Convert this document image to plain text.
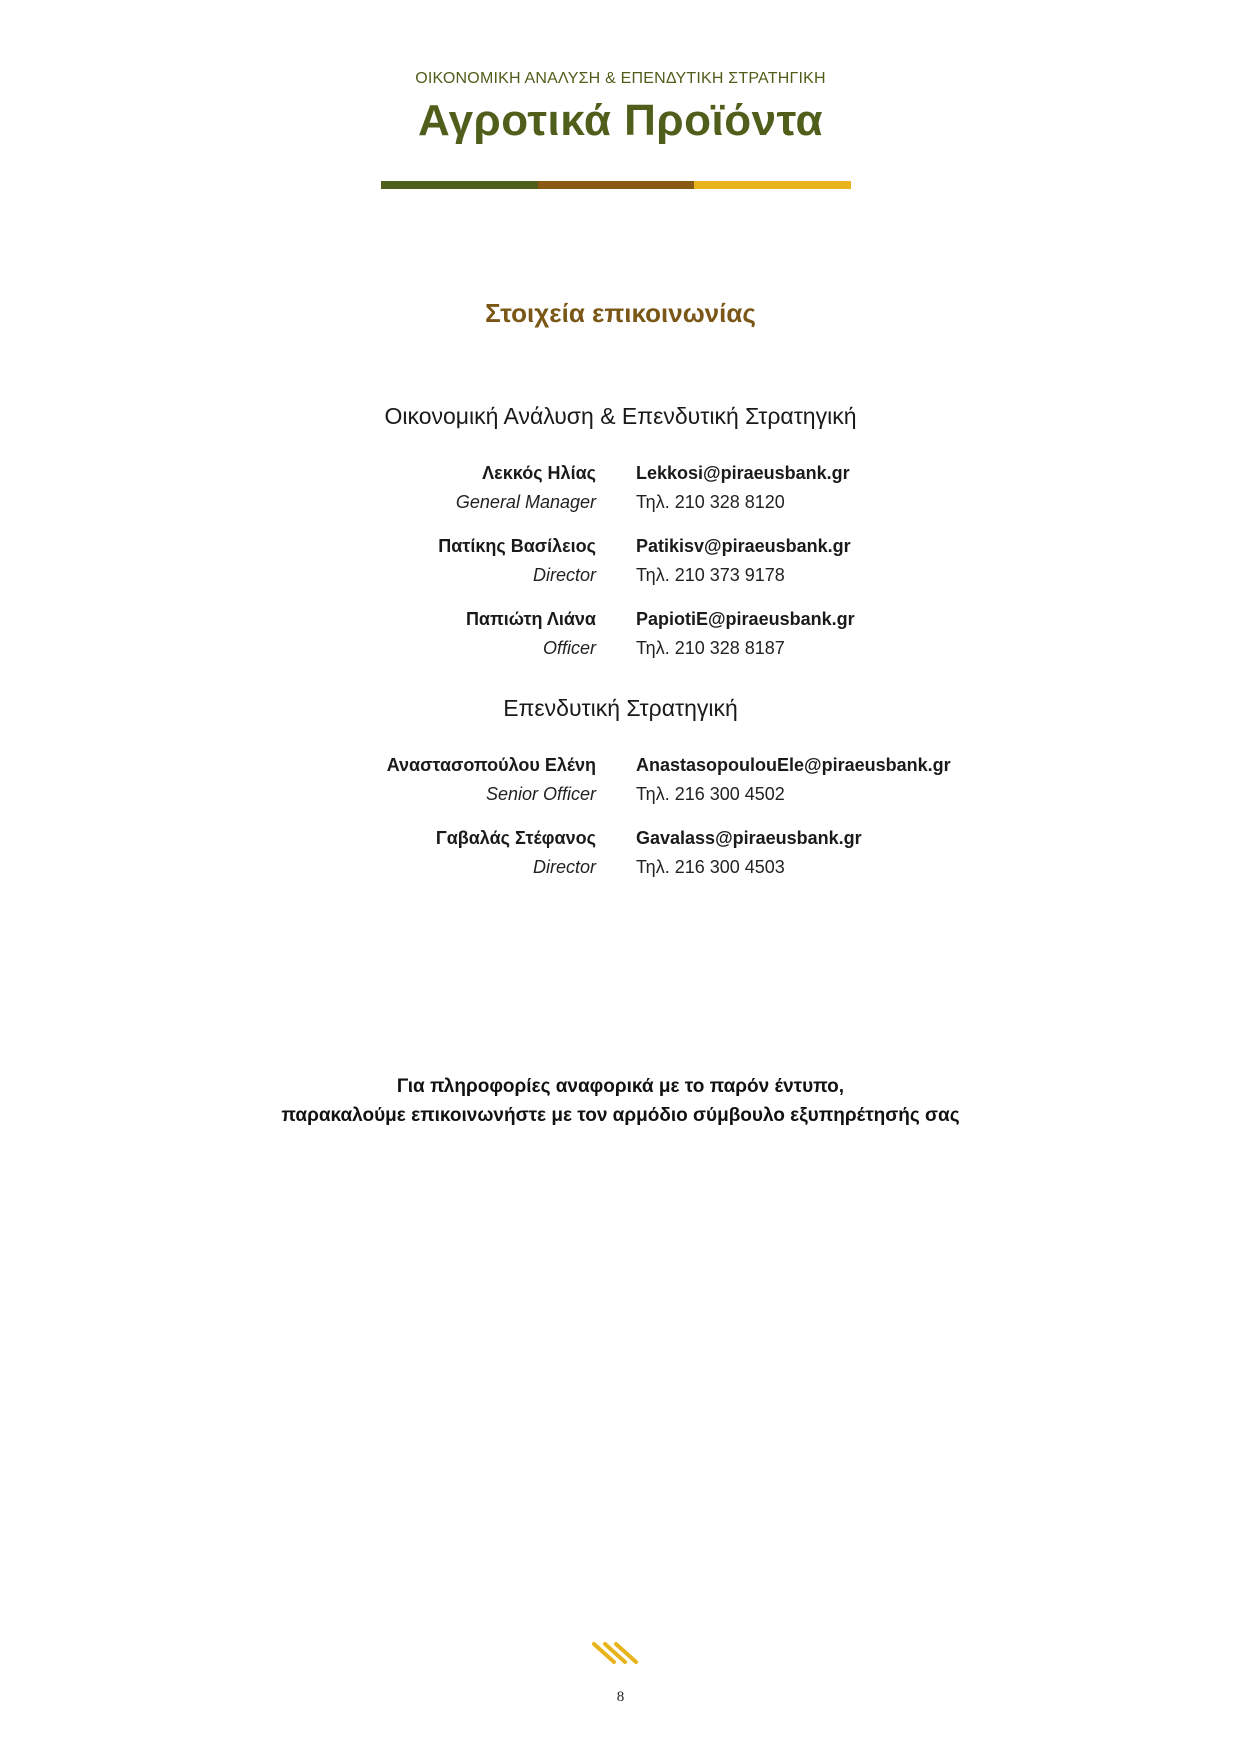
ΟΙΚΟΝΟΜΙΚΗ ΑΝΑΛΥΣΗ & ΕΠΕΝΔΥΤΙΚΗ ΣΤΡΑΤΗΓΙΚΗ
Αγροτικά Προϊόντα
Στοιχεία επικοινωνίας
Οικονομική Ανάλυση & Επενδυτική Στρατηγική
Λεκκός Ηλίας
General Manager
Lekkosi@piraeusbank.gr
Τηλ. 210 328 8120
Πατίκης Βασίλειος
Director
Patikisv@piraeusbank.gr
Τηλ. 210 373 9178
Παπιώτη Λιάνα
Officer
PapiotiE@piraeusbank.gr
Τηλ. 210 328 8187
Επενδυτική Στρατηγική
Αναστασοπούλου Ελένη
Senior Officer
AnastasopoulouEle@piraeusbank.gr
Τηλ. 216 300 4502
Γαβαλάς Στέφανος
Director
Gavalass@piraeusbank.gr
Τηλ. 216 300 4503
Για πληροφορίες αναφορικά με το παρόν έντυπο,
παρακαλούμε επικοινωνήστε με τον αρμόδιο σύμβουλο εξυπηρέτησής σας
8
